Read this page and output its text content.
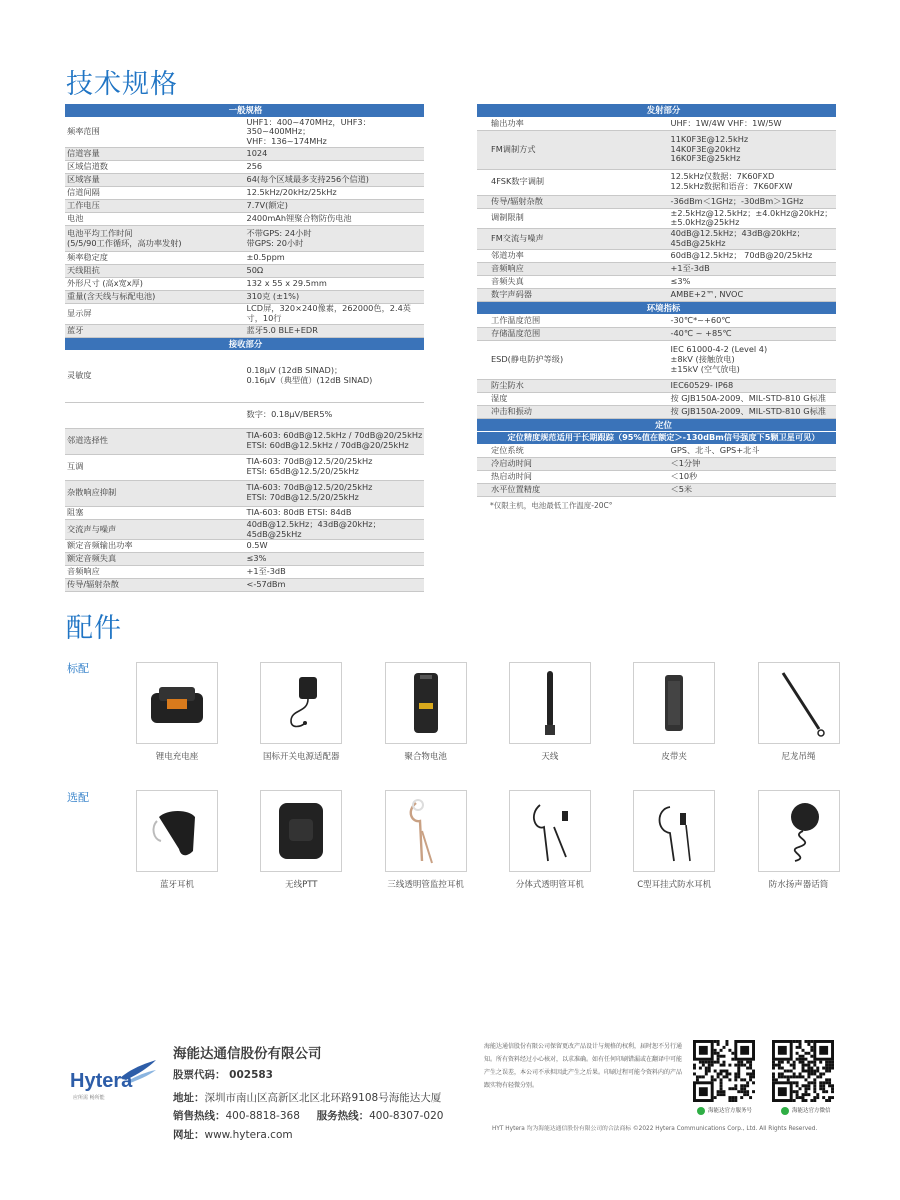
技术规格
一般规格	
频率范围	UHF1：400~470MHz，UHF3：350~400MHz；
VHF：136~174MHz
信道容量	1024
区域信道数	256
区域容量	64(每个区域最多支持256个信道)
信道间隔	12.5kHz/20kHz/25kHz
工作电压	7.7V(额定)
电池	2400mAh锂聚合物防伤电池
电池平均工作时间
(5/5/90工作循环，高功率发射)	不带GPS: 24小时
带GPS: 20小时
频率稳定度	±0.5ppm
天线阻抗	50Ω
外形尺寸 (高x宽x厚)	132 x 55 x 29.5mm
重量(含天线与标配电池)	310克 (±1%)
显示屏	LCD屏，320×240像素，262000色，2.4英寸，10行
蓝牙	蓝牙5.0 BLE+EDR
接收部分	
灵敏度	0.18μV (12dB SINAD)；
0.16μV（典型值）(12dB SINAD)
	数字：0.18μV/BER5%
邻道选择性	TIA-603: 60dB@12.5kHz / 70dB@20/25kHz
ETSI: 60dB@12.5kHz / 70dB@20/25kHz
互调	TIA-603: 70dB@12.5/20/25kHz
ETSI: 65dB@12.5/20/25kHz
杂散响应抑制	TIA-603: 70dB@12.5/20/25kHz
ETSI: 70dB@12.5/20/25kHz
阻塞	TIA-603: 80dB ETSI: 84dB
交流声与噪声	40dB@12.5kHz；43dB@20kHz；45dB@25kHz
额定音频输出功率	0.5W
额定音频失真	≤3%
音频响应	+1至-3dB
传导/辐射杂散	<-57dBm
发射部分	
输出功率	UHF：1W/4W VHF：1W/5W
FM调制方式	11K0F3E@12.5kHz
14K0F3E@20kHz
16K0F3E@25kHz
4FSK数字调制	12.5kHz仅数据：7K60FXD
12.5kHz数据和语音：7K60FXW
传导/辐射杂散	-36dBm＜1GHz；-30dBm＞1GHz
调制限制	±2.5kHz@12.5kHz；±4.0kHz@20kHz；±5.0kHz@25kHz
FM交流与噪声	40dB@12.5kHz；43dB@20kHz；45dB@25kHz
邻道功率	60dB@12.5kHz； 70dB@20/25kHz
音频响应	+1至-3dB
音频失真	≤3%
数字声码器	AMBE+2™, NVOC
环境指标	
工作温度范围	-30℃*~+60℃
存储温度范围	-40℃ ~ +85℃
ESD(静电防护等级)	IEC 61000-4-2 (Level 4)
±8kV (接触放电)
±15kV (空气放电)
防尘防水	IEC60529- IP68
湿度	按 GJB150A-2009、MIL-STD-810 G标准
冲击和振动	按 GJB150A-2009、MIL-STD-810 G标准
定位	
定位精度规范适用于长期跟踪（95%值在额定＞-130dBm信号强度下5颗卫星可见）	
定位系统	GPS、北斗、GPS+北斗
冷启动时间	＜1分钟
热启动时间	＜10秒
水平位置精度	＜5米
*仅限主机，电池最低工作温度-20C°
配件
标配
选配
锂电充电座	国标开关电源适配器	聚合物电池	天线	皮带夹	尼龙吊绳
蓝牙耳机	无线PTT	三线透明管监控耳机	分体式透明管耳机	C型耳挂式防水耳机	防水扬声器话筒
Hytera
应所需 畅所能
海能达通信股份有限公司
股票代码： 002583
地址：深圳市南山区高新区北区北环路9108号海能达大厦
销售热线：400-8818-368 服务热线：400-8307-020
网址：www.hytera.com
海能达通信股份有限公司保留更改产品设计与规格的权利，届时恕不另行通知。所有资料经过小心核对，以求准确。如有任何印刷错漏或在翻译中可能产生之误差，本公司不承担因此产生之后果。印刷过程可能令资料内的产品跟实物有轻微分别。
海能达官方服务号	海能达官方微信
HYT Hytera 均为海能达通信股份有限公司的合法商标 ©2022 Hytera Communications Corp., Ltd. All Rights Reserved.
